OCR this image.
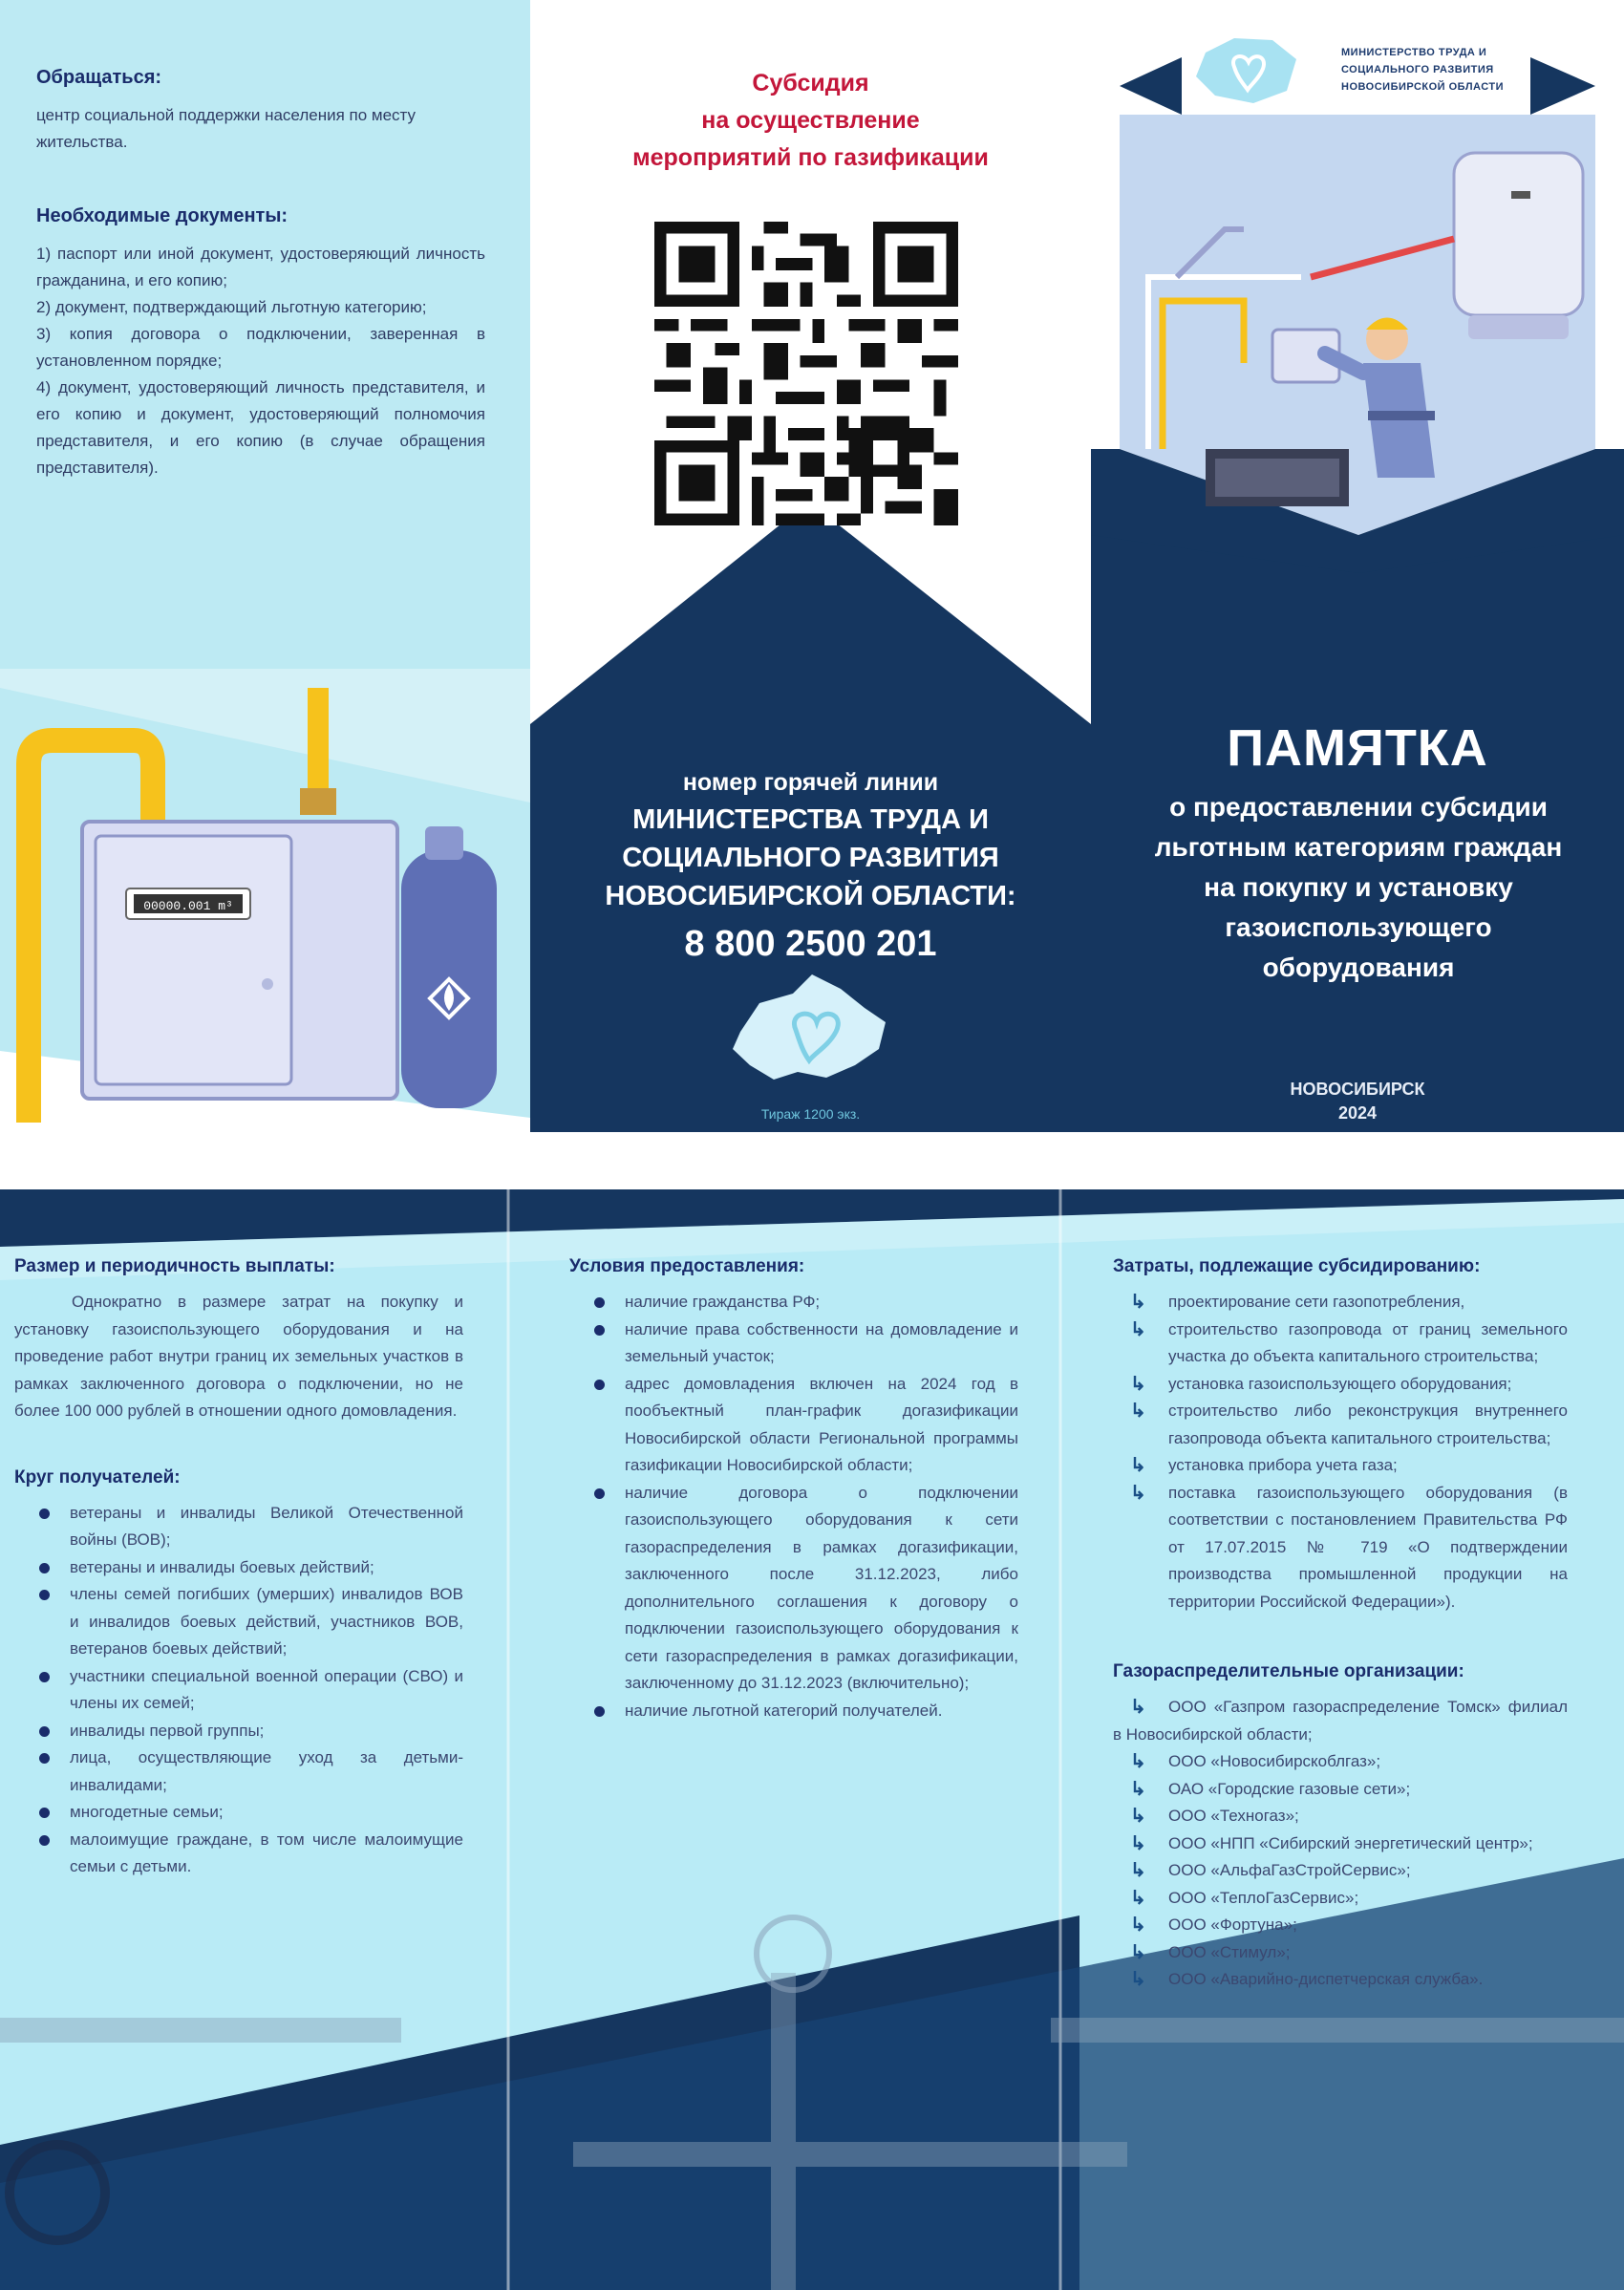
Обращаться:

центр социальной поддержки населения по месту жительства.

Необходимые документы:

1) паспорт или иной документ, удостоверяющий личность гражданина, и его копию;
2) документ, подтверждающий льготную категорию;
3) копия договора о подключении, заверенная в установленном порядке;
4) документ, удостоверяющий личность представителя, и его копию и документ, удостоверяющий полномочия представителя, и его копию (в случае обращения представителя).
00000.001 m³
Субсидия
на осуществление
мероприятий по газификации
номер горячей линии
МИНИСТЕРСТВА ТРУДА И
СОЦИАЛЬНОГО РАЗВИТИЯ
НОВОСИБИРСКОЙ ОБЛАСТИ:
8 800 2500 201
Тираж 1200 экз.
МИНИСТЕРСТВО ТРУДА И
СОЦИАЛЬНОГО РАЗВИТИЯ
НОВОСИБИРСКОЙ ОБЛАСТИ
ПАМЯТКА
о предоставлении субсидии
льготным категориям граждан
на покупку и установку
газоиспользующего
оборудования
НОВОСИБИРСК
2024

Размер и периодичность выплаты:

Однократно в размере затрат на покупку и установку газоиспользующего оборудования и на проведение работ внутри границ их земельных участков в рамках заключенного договора о подключении, но не более 100 000 рублей в отношении одного домовладения.

Круг получателей:

ветераны и инвалиды Великой Отечественной войны (ВОВ);
ветераны и инвалиды боевых действий;
члены семей погибших (умерших) инвалидов ВОВ и инвалидов боевых действий, участников ВОВ, ветеранов боевых действий;
участники специальной военной операции (СВО) и члены их семей;
инвалиды первой группы;
лица, осуществляющие уход за детьми-инвалидами;
многодетные семьи;
малоимущие граждане, в том числе малоимущие семьи с детьми.

Условия предоставления:

наличие гражданства РФ;
наличие права собственности на домовладение и земельный участок;
адрес домовладения включен на 2024 год в пообъектный план-график догазификации Новосибирской области Региональной программы газификации Новосибирской области;
наличие договора о подключении газоиспользующего оборудования к сети газораспределения в рамках догазификации, заключенного после 31.12.2023, либо дополнительного соглашения к договору о подключении газоиспользующего оборудования к сети газораспределения в рамках догазификации, заключенному до 31.12.2023 (включительно);
наличие льготной категорий получателей.

Затраты, подлежащие субсидированию:

↳ проектирование сети газопотребления,
↳ строительство газопровода от границ земельного участка до объекта капитального строительства;
↳ установка газоиспользующего оборудования;
↳ строительство либо реконструкция внутреннего газопровода объекта капитального строительства;
↳ установка прибора учета газа;
↳ поставка газоиспользующего оборудования (в соответствии с постановлением Правительства РФ от 17.07.2015 № 719 «О подтверждении производства промышленной продукции на территории Российской Федерации»).

Газораспределительные организации:

↳ ООО «Газпром газораспределение Томск» филиал в Новосибирской области;
↳ ООО «Новосибирскоблгаз»;
↳ ОАО «Городские газовые сети»;
↳ ООО «Техногаз»;
↳ ООО «НПП «Сибирский энергетический центр»;
↳ ООО «АльфаГазСтройСервис»;
↳ ООО «ТеплоГазСервис»;
↳ ООО «Фортуна»;
↳ ООО «Стимул»;
↳ ООО «Аварийно-диспетчерская служба».
